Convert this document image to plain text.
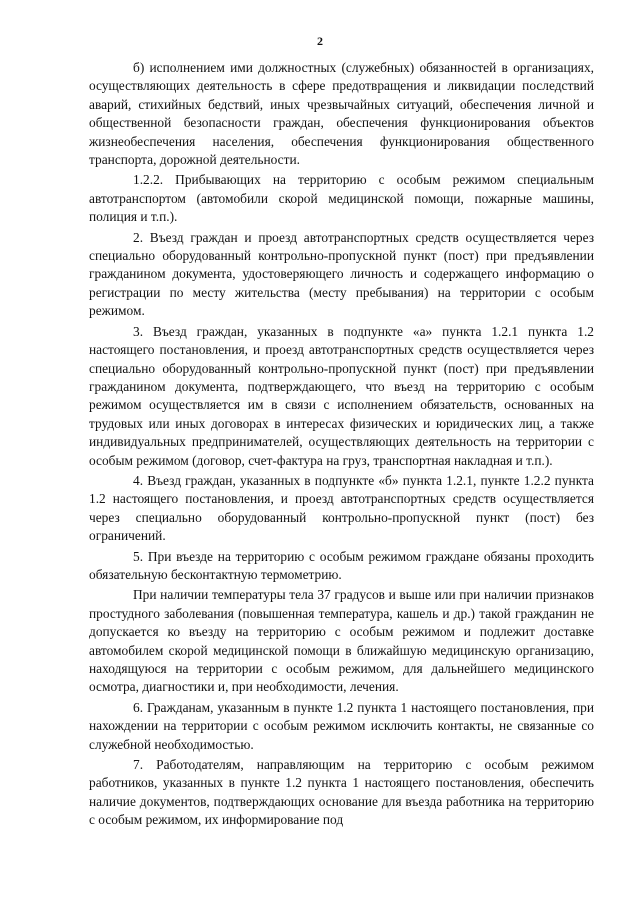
2

б) исполнением ими должностных (служебных) обязанностей в организациях, осуществляющих деятельность в сфере предотвращения и ликвидации последствий аварий, стихийных бедствий, иных чрезвычайных ситуаций, обеспечения личной и общественной безопасности граждан, обеспечения функционирования объектов жизнеобеспечения населения, обеспечения функционирования общественного транспорта, дорожной деятельности.

1.2.2. Прибывающих на территорию с особым режимом специальным автотранспортом (автомобили скорой медицинской помощи, пожарные машины, полиция и т.п.).

2. Въезд граждан и проезд автотранспортных средств осуществляется через специально оборудованный контрольно-пропускной пункт (пост) при предъявлении гражданином документа, удостоверяющего личность и содержащего информацию о регистрации по месту жительства (месту пребывания) на территории с особым режимом.

3. Въезд граждан, указанных в подпункте «а» пункта 1.2.1 пункта 1.2 настоящего постановления, и проезд автотранспортных средств осуществляется через специально оборудованный контрольно-пропускной пункт (пост) при предъявлении гражданином документа, подтверждающего, что въезд на территорию с особым режимом осуществляется им в связи с исполнением обязательств, основанных на трудовых или иных договорах в интересах физических и юридических лиц, а также индивидуальных предпринимателей, осуществляющих деятельность на территории с особым режимом (договор, счет-фактура на груз, транспортная накладная и т.п.).

4. Въезд граждан, указанных в подпункте «б» пункта 1.2.1, пункте 1.2.2 пункта 1.2 настоящего постановления, и проезд автотранспортных средств осуществляется через специально оборудованный контрольно-пропускной пункт (пост) без ограничений.

5. При въезде на территорию с особым режимом граждане обязаны проходить обязательную бесконтактную термометрию.

При наличии температуры тела 37 градусов и выше или при наличии признаков простудного заболевания (повышенная температура, кашель и др.) такой гражданин не допускается ко въезду на территорию с особым режимом и подлежит доставке автомобилем скорой медицинской помощи в ближайшую медицинскую организацию, находящуюся на территории с особым режимом, для дальнейшего медицинского осмотра, диагностики и, при необходимости, лечения.

6. Гражданам, указанным в пункте 1.2 пункта 1 настоящего постановления, при нахождении на территории с особым режимом исключить контакты, не связанные со служебной необходимостью.

7. Работодателям, направляющим на территорию с особым режимом работников, указанных в пункте 1.2 пункта 1 настоящего постановления, обеспечить наличие документов, подтверждающих основание для въезда работника на территорию с особым режимом, их информирование под
